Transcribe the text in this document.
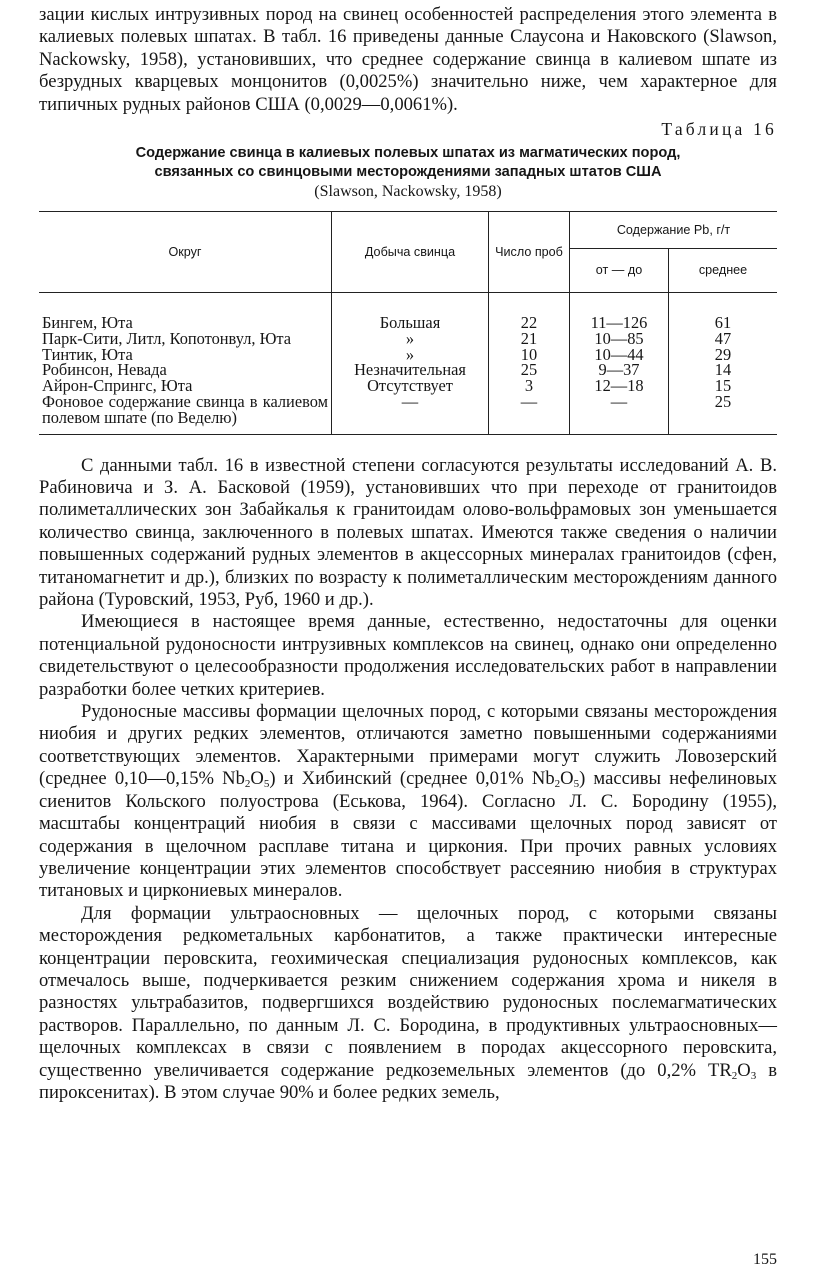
зации кислых интрузивных пород на свинец особенностей распределения этого элемента в калиевых полевых шпатах. В табл. 16 приведены данные Слаусона и Наковского (Slawson, Nackowsky, 1958), установивших, что среднее содержание свинца в калиевом шпате из безрудных кварцевых монцонитов (0,0025%) значительно ниже, чем характерное для типичных рудных районов США (0,0029—0,0061%).

Таблица 16

Содержание свинца в калиевых полевых шпатах из магматических пород,

связанных со свинцовыми месторождениями западных штатов США

(Slawson, Nackowsky, 1958)

Округ	Добыча свинца	Число проб	Содержание Pb, г/т	
			от — до	среднее
Бингем, Юта	Большая	22	11—126	61
Парк-Сити, Литл, Копотонвул, Юта	»	21	10—85	47
Тинтик, Юта	»	10	10—44	29
Робинсон, Невада	Незначительная	25	9—37	14
Айрон-Спрингс, Юта	Отсутствует	3	12—18	15
Фоновое содержание свинца в калиевом полевом шпате (по Веделю)	—	—	—	25

С данными табл. 16 в известной степени согласуются результаты исследований А. В. Рабиновича и З. А. Басковой (1959), установивших что при переходе от гранитоидов полиметаллических зон Забайкалья к гранитоидам олово-вольфрамовых зон уменьшается количество свинца, заключенного в полевых шпатах. Имеются также сведения о наличии повышенных содержаний рудных элементов в акцессорных минералах гранитоидов (сфен, титаномагнетит и др.), близких по возрасту к полиметаллическим месторождениям данного района (Туровский, 1953, Руб, 1960 и др.).

Имеющиеся в настоящее время данные, естественно, недостаточны для оценки потенциальной рудоносности интрузивных комплексов на свинец, однако они определенно свидетельствуют о целесообразности продолжения исследовательских работ в направлении разработки более четких критериев.

Рудоносные массивы формации щелочных пород, с которыми связаны месторождения ниобия и других редких элементов, отличаются заметно повышенными содержаниями соответствующих элементов. Характерными примерами могут служить Ловозерский (среднее 0,10—0,15% $Nb_2O_5$) и Хибинский (среднее 0,01% $Nb_2O_5$) массивы нефелиновых сиенитов Кольского полуострова (Еськова, 1964). Согласно Л. С. Бородину (1955), масштабы концентраций ниобия в связи с массивами щелочных пород зависят от содержания в щелочном расплаве титана и циркония. При прочих равных условиях увеличение концентрации этих элементов способствует рассеянию ниобия в структурах титановых и циркониевых минералов.

Для формации ультраосновных — щелочных пород, с которыми связаны месторождения редкометальных карбонатитов, а также практически интересные концентрации перовскита, геохимическая специализация рудоносных комплексов, как отмечалось выше, подчеркивается резким снижением содержания хрома и никеля в разностях ультрабазитов, подвергшихся воздействию рудоносных послемагматических растворов. Параллельно, по данным Л. С. Бородина, в продуктивных ультраосновных—щелочных комплексах в связи с появлением в породах акцессорного перовскита, существенно увеличивается содержание редкоземельных элементов (до 0,2% $TR_2O_3$ в пироксенитах). В этом случае 90% и более редких земель,

155
